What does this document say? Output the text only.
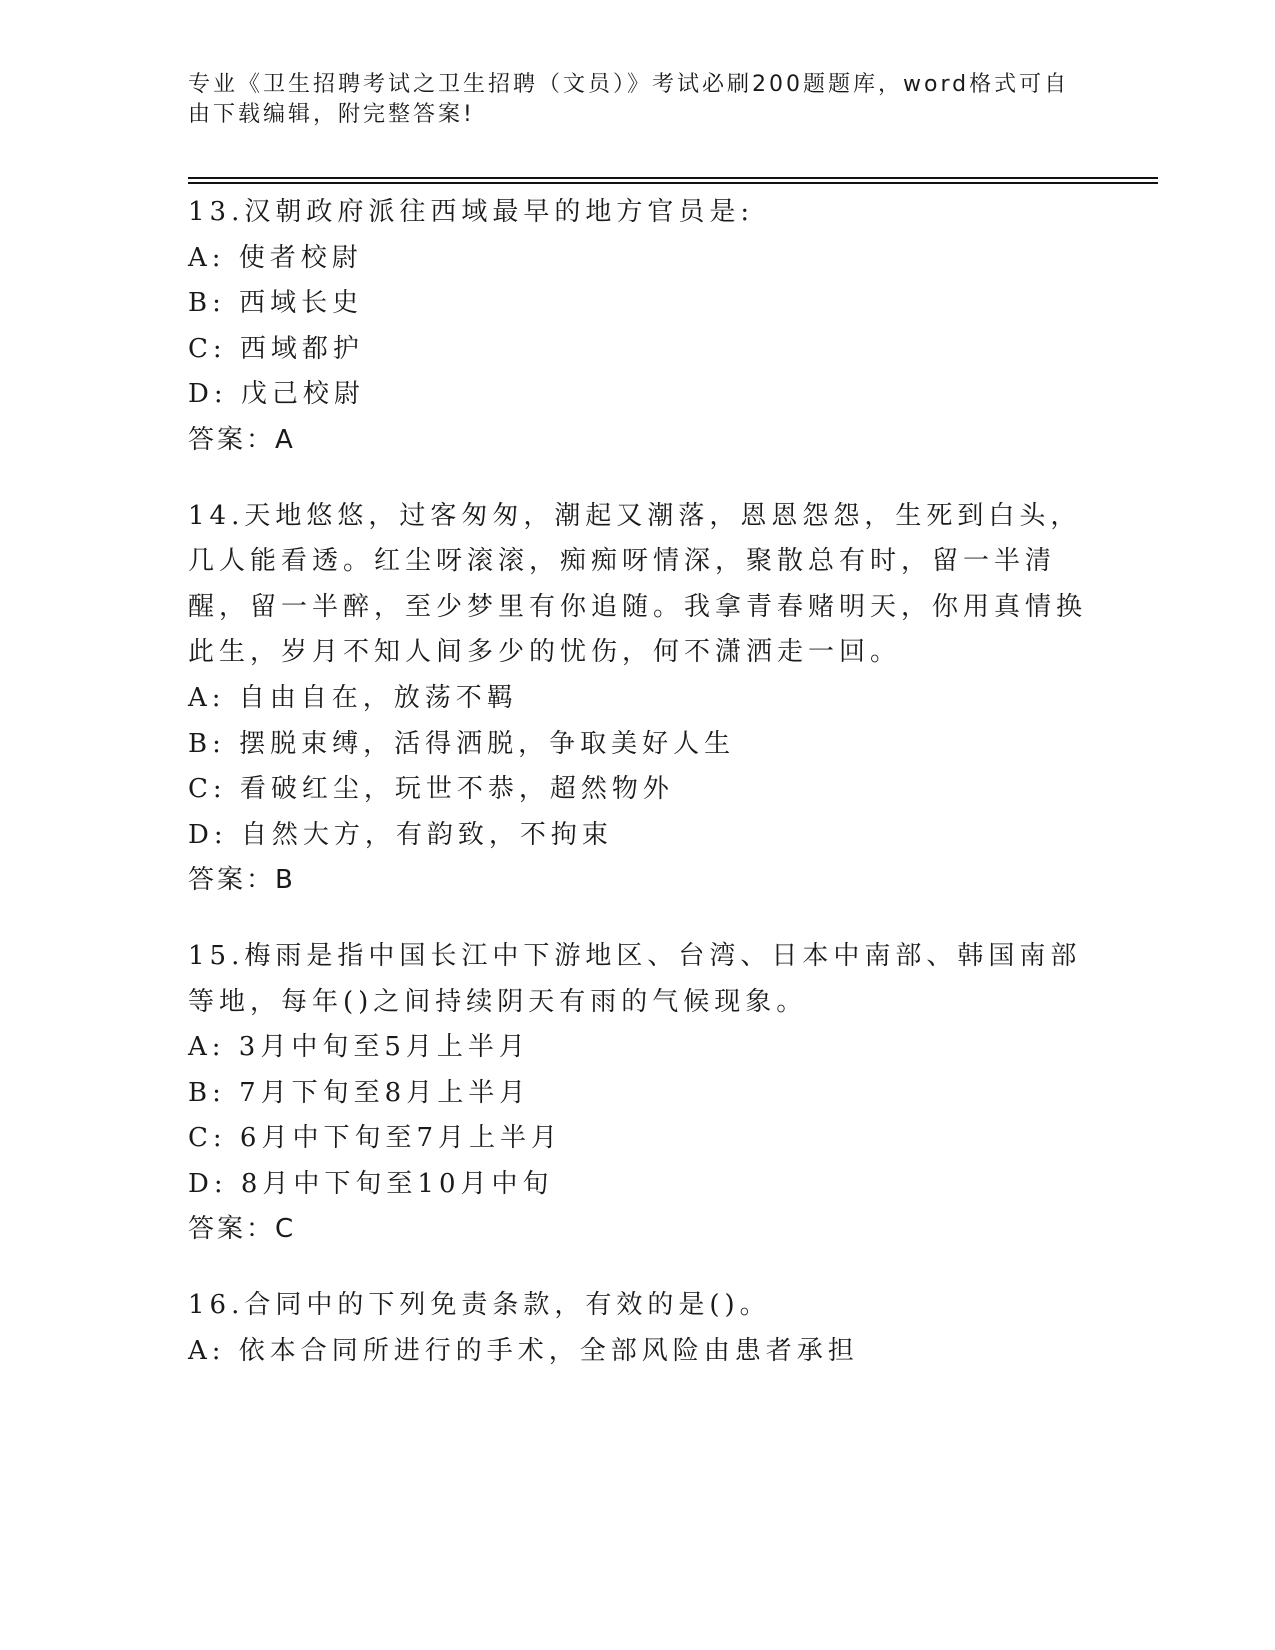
专业《卫生招聘考试之卫生招聘（文员）》考试必刷200题题库，word格式可自由下载编辑，附完整答案!

13.汉朝政府派往西域最早的地方官员是:

A: 使者校尉

B: 西域长史

C: 西域都护

D: 戊己校尉

答案：A

14.天地悠悠，过客匆匆，潮起又潮落，恩恩怨怨，生死到白头，几人能看透。红尘呀滚滚，痴痴呀情深，聚散总有时，留一半清醒，留一半醉，至少梦里有你追随。我拿青春赌明天，你用真情换此生，岁月不知人间多少的忧伤，何不潇洒走一回。

A: 自由自在，放荡不羁

B: 摆脱束缚，活得洒脱，争取美好人生

C: 看破红尘，玩世不恭，超然物外

D: 自然大方，有韵致，不拘束

答案：B

15.梅雨是指中国长江中下游地区、台湾、日本中南部、韩国南部等地，每年()之间持续阴天有雨的气候现象。

A: 3月中旬至5月上半月

B: 7月下旬至8月上半月

C: 6月中下旬至7月上半月

D: 8月中下旬至10月中旬

答案：C

16.合同中的下列免责条款，有效的是()。

A: 依本合同所进行的手术，全部风险由患者承担
